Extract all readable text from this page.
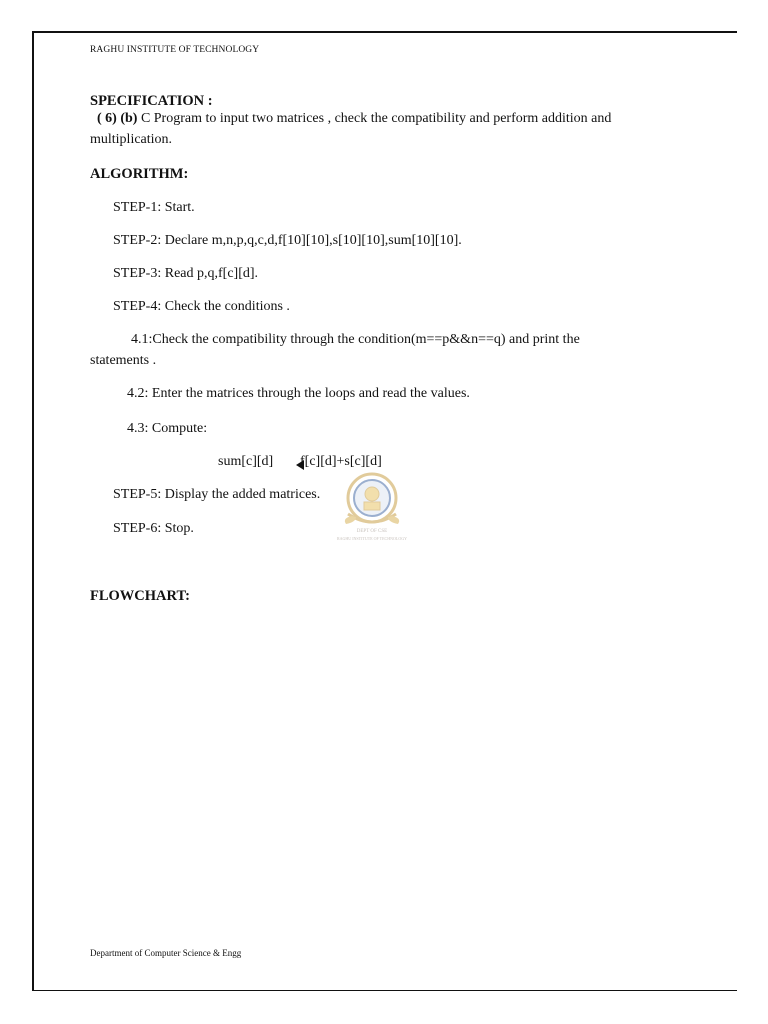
RAGHU INSTITUTE OF TECHNOLOGY
SPECIFICATION :
( 6) (b) C Program to input two matrices , check the compatibility and perform addition and
multiplication.
ALGORITHM:
STEP-1: Start.
STEP-2: Declare m,n,p,q,c,d,f[10][10],s[10][10],sum[10][10].
STEP-3: Read p,q,f[c][d].
STEP-4: Check the conditions .
4.1:Check the compatibility through the condition(m==p&&n==q) and print the
statements .
4.2: Enter the matrices through the loops and read the values.
4.3: Compute:
sum[c][d] f[c][d]+s[c][d]
DEPT OF CSE
RAGHU INSTITUTE OF TECHNOLOGY
STEP-5: Display the added matrices.
STEP-6: Stop.
FLOWCHART:
Department of Computer Science & Engg
